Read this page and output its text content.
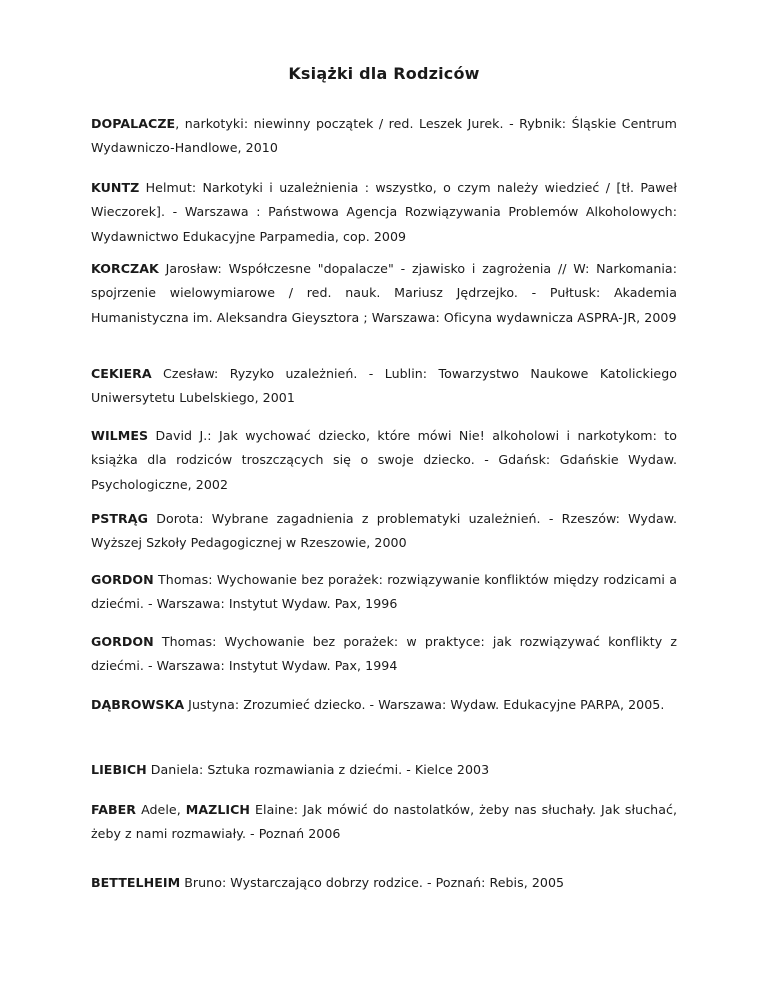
Książki dla Rodziców

DOPALACZE, narkotyki: niewinny początek / red. Leszek Jurek. - Rybnik: Śląskie Centrum Wydawniczo-Handlowe, 2010

KUNTZ Helmut: Narkotyki i uzależnienia : wszystko, o czym należy wiedzieć / [tł. Paweł Wieczorek]. - Warszawa : Państwowa Agencja Rozwiązywania Problemów Alkoholowych: Wydawnictwo Edukacyjne Parpamedia, cop. 2009

KORCZAK Jarosław: Współczesne "dopalacze" - zjawisko i zagrożenia // W: Narkomania: spojrzenie wielowymiarowe / red. nauk. Mariusz Jędrzejko. - Pułtusk: Akademia Humanistyczna im. Aleksandra Gieysztora ; Warszawa: Oficyna wydawnicza ASPRA-JR, 2009

CEKIERA Czesław: Ryzyko uzależnień. - Lublin: Towarzystwo Naukowe Katolickiego Uniwersytetu Lubelskiego, 2001

WILMES David J.: Jak wychować dziecko, które mówi Nie! alkoholowi i narkotykom: to książka dla rodziców troszczących się o swoje dziecko. - Gdańsk: Gdańskie Wydaw. Psychologiczne, 2002

PSTRĄG Dorota: Wybrane zagadnienia z problematyki uzależnień. - Rzeszów: Wydaw. Wyższej Szkoły Pedagogicznej w Rzeszowie, 2000

GORDON Thomas: Wychowanie bez porażek: rozwiązywanie konfliktów między rodzicami a dziećmi. - Warszawa: Instytut Wydaw. Pax, 1996

GORDON Thomas: Wychowanie bez porażek: w praktyce: jak rozwiązywać konflikty z dziećmi. - Warszawa: Instytut Wydaw. Pax, 1994

DĄBROWSKA Justyna: Zrozumieć dziecko. - Warszawa: Wydaw. Edukacyjne PARPA, 2005.

LIEBICH Daniela: Sztuka rozmawiania z dziećmi. - Kielce 2003

FABER Adele, MAZLICH Elaine: Jak mówić do nastolatków, żeby nas słuchały. Jak słuchać, żeby z nami rozmawiały. - Poznań 2006

BETTELHEIM Bruno: Wystarczająco dobrzy rodzice. - Poznań: Rebis, 2005
